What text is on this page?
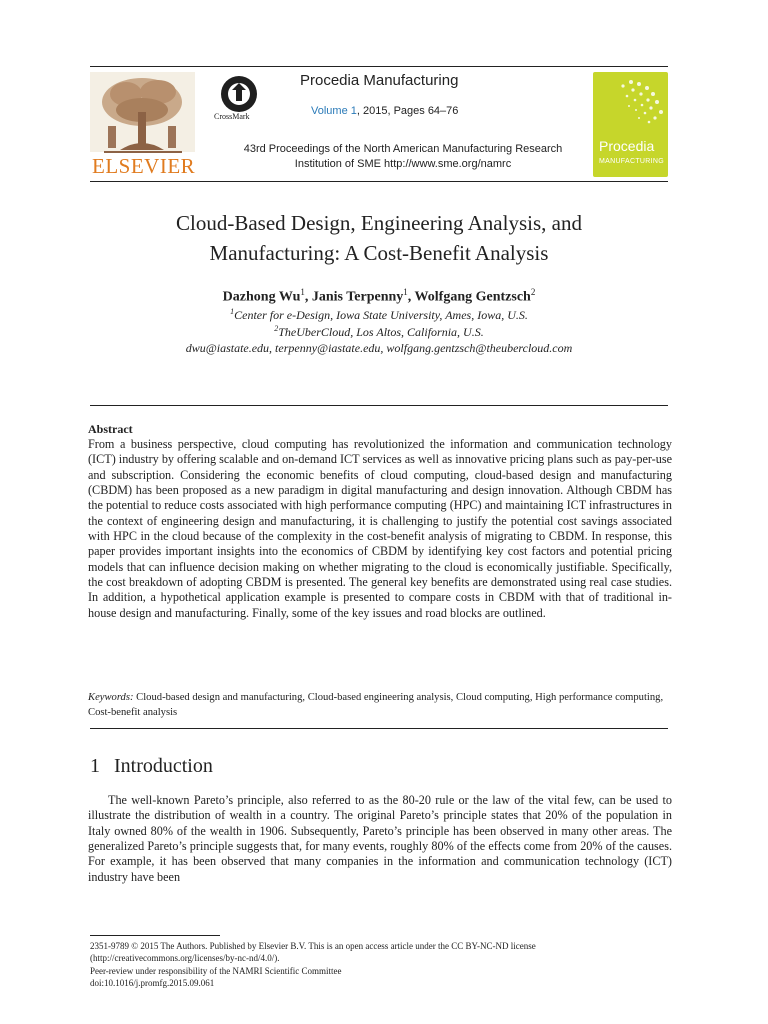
ELSEVIER
CrossMark
Procedia Manufacturing
Volume 1, 2015, Pages 64–76
43rd Proceedings of the North American Manufacturing Research
Institution of SME http://www.sme.org/namrc
Procedia
MANUFACTURING
Cloud-Based Design, Engineering Analysis, and
Manufacturing: A Cost-Benefit Analysis
Dazhong Wu$^1$, Janis Terpenny$^1$, Wolfgang Gentzsch$^2$
$^1$Center for e-Design, Iowa State University, Ames, Iowa, U.S.
$^2$TheUberCloud, Los Altos, California, U.S.
dwu@iastate.edu, terpenny@iastate.edu, wolfgang.gentzsch@theubercloud.com
Abstract

From a business perspective, cloud computing has revolutionized the information and communication technology (ICT) industry by offering scalable and on-demand ICT services as well as innovative pricing plans such as pay-per-use and subscription. Considering the economic benefits of cloud computing, cloud-based design and manufacturing (CBDM) has been proposed as a new paradigm in digital manufacturing and design innovation. Although CBDM has the potential to reduce costs associated with high performance computing (HPC) and maintaining ICT infrastructures in the context of engineering design and manufacturing, it is challenging to justify the potential cost savings associated with HPC in the cloud because of the complexity in the cost-benefit analysis of migrating to CBDM. In response, this paper provides important insights into the economics of CBDM by identifying key cost factors and potential pricing models that can influence decision making on whether migrating to the cloud is economically justifiable. Specifically, the cost breakdown of adopting CBDM is presented. The general key benefits are demonstrated using real case studies. In addition, a hypothetical application example is presented to compare costs in CBDM with that of traditional in-house design and manufacturing. Finally, some of the key issues and road blocks are outlined.

Keywords: Cloud-based design and manufacturing, Cloud-based engineering analysis, Cloud computing, High performance computing, Cost-benefit analysis

1 Introduction

The well-known Pareto’s principle, also referred to as the 80-20 rule or the law of the vital few, can be used to illustrate the distribution of wealth in a country. The original Pareto’s principle states that 20% of the population in Italy owned 80% of the wealth in 1906. Subsequently, Pareto’s principle has been observed in many other areas. The generalized Pareto’s principle suggests that, for many events, roughly 80% of the effects come from 20% of the causes. For example, it has been observed that many companies in the information and communication technology (ICT) industry have been

2351-9789 © 2015 The Authors. Published by Elsevier B.V. This is an open access article under the CC BY-NC-ND license
(http://creativecommons.org/licenses/by-nc-nd/4.0/).
Peer-review under responsibility of the NAMRI Scientific Committee
doi:10.1016/j.promfg.2015.09.061
